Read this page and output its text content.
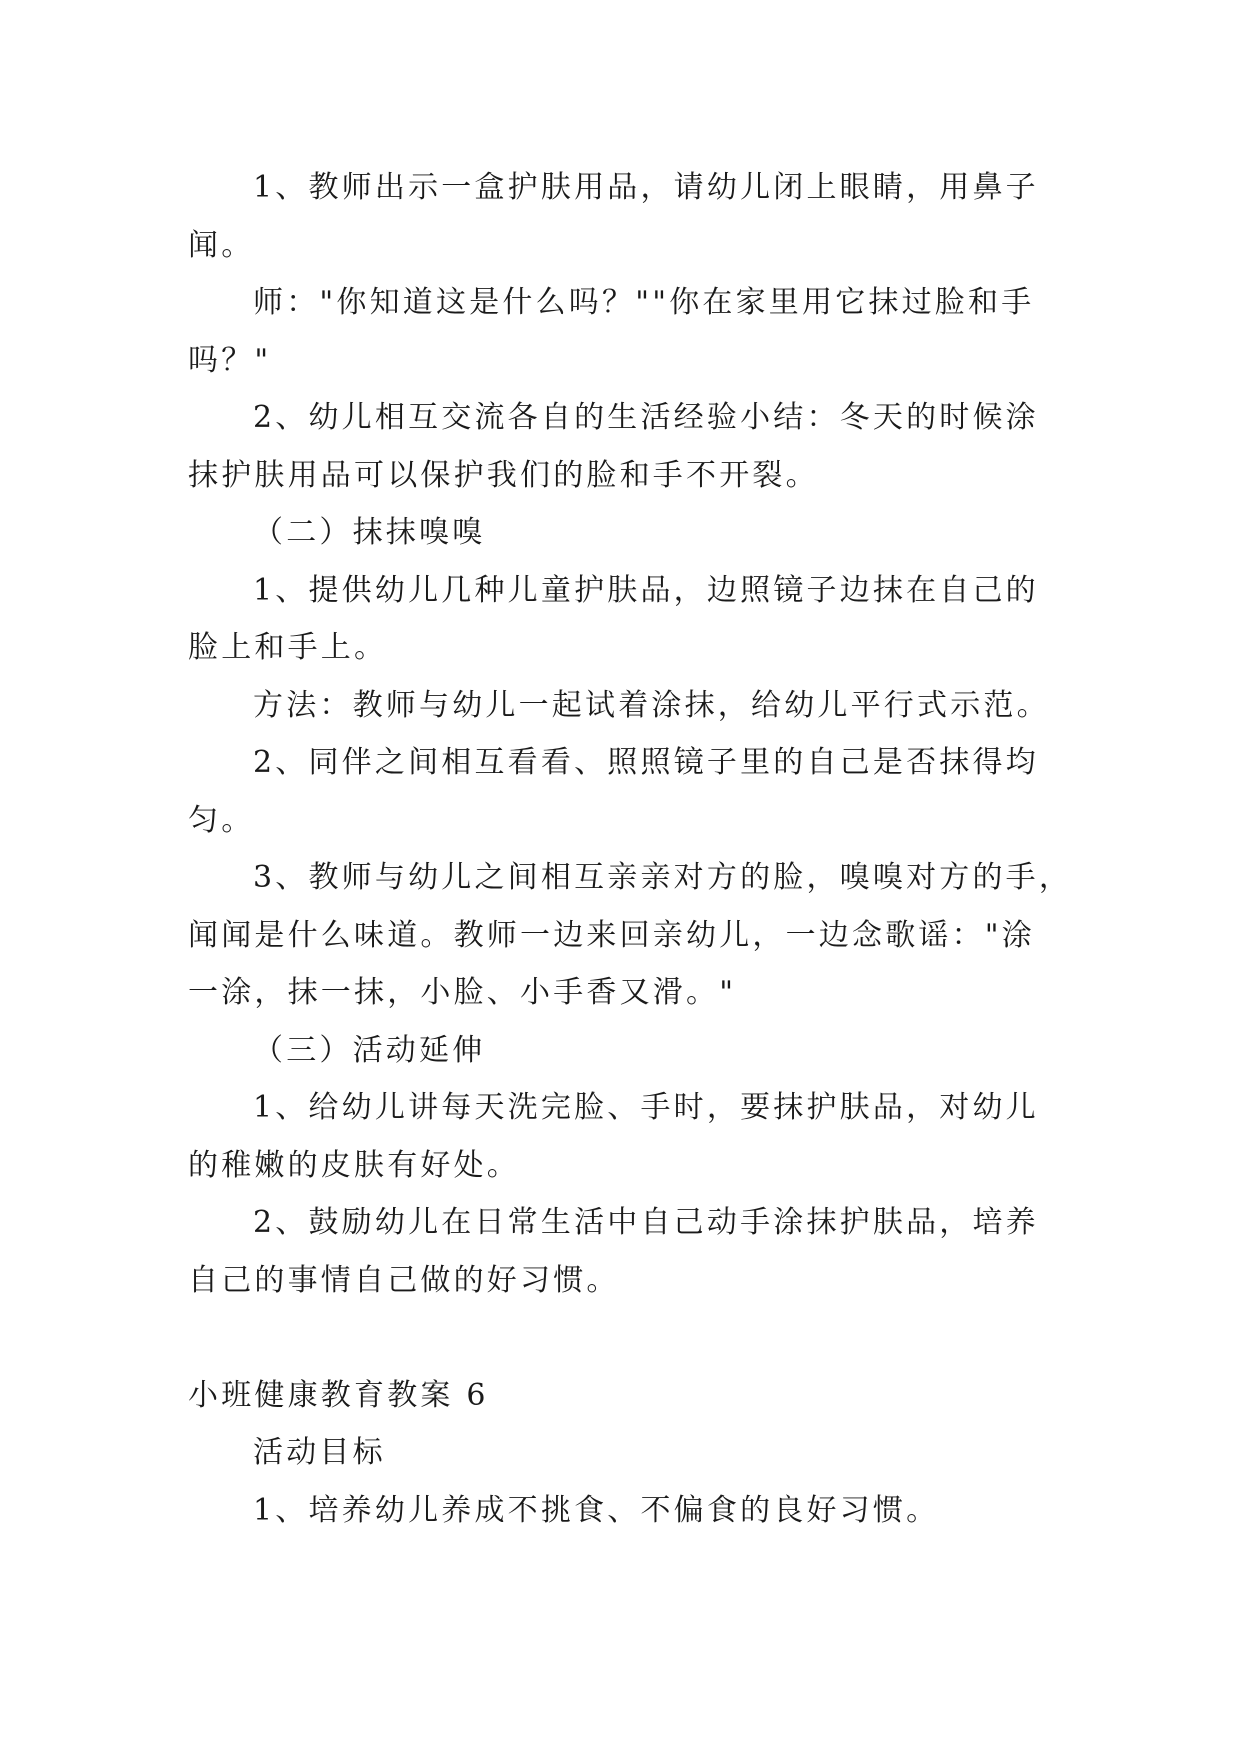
1、教师出示一盒护肤用品，请幼儿闭上眼睛，用鼻子
闻。
师："你知道这是什么吗？""你在家里用它抹过脸和手
吗？"
2、幼儿相互交流各自的生活经验小结：冬天的时候涂
抹护肤用品可以保护我们的脸和手不开裂。
（二）抹抹嗅嗅
1、提供幼儿几种儿童护肤品，边照镜子边抹在自己的
脸上和手上。
方法：教师与幼儿一起试着涂抹，给幼儿平行式示范。
2、同伴之间相互看看、照照镜子里的自己是否抹得均
匀。
3、教师与幼儿之间相互亲亲对方的脸，嗅嗅对方的手，
闻闻是什么味道。教师一边来回亲幼儿，一边念歌谣："涂
一涂，抹一抹，小脸、小手香又滑。"
（三）活动延伸
1、给幼儿讲每天洗完脸、手时，要抹护肤品，对幼儿
的稚嫩的皮肤有好处。
2、鼓励幼儿在日常生活中自己动手涂抹护肤品，培养
自己的事情自己做的好习惯。
小班健康教育教案 6
活动目标
1、培养幼儿养成不挑食、不偏食的良好习惯。
